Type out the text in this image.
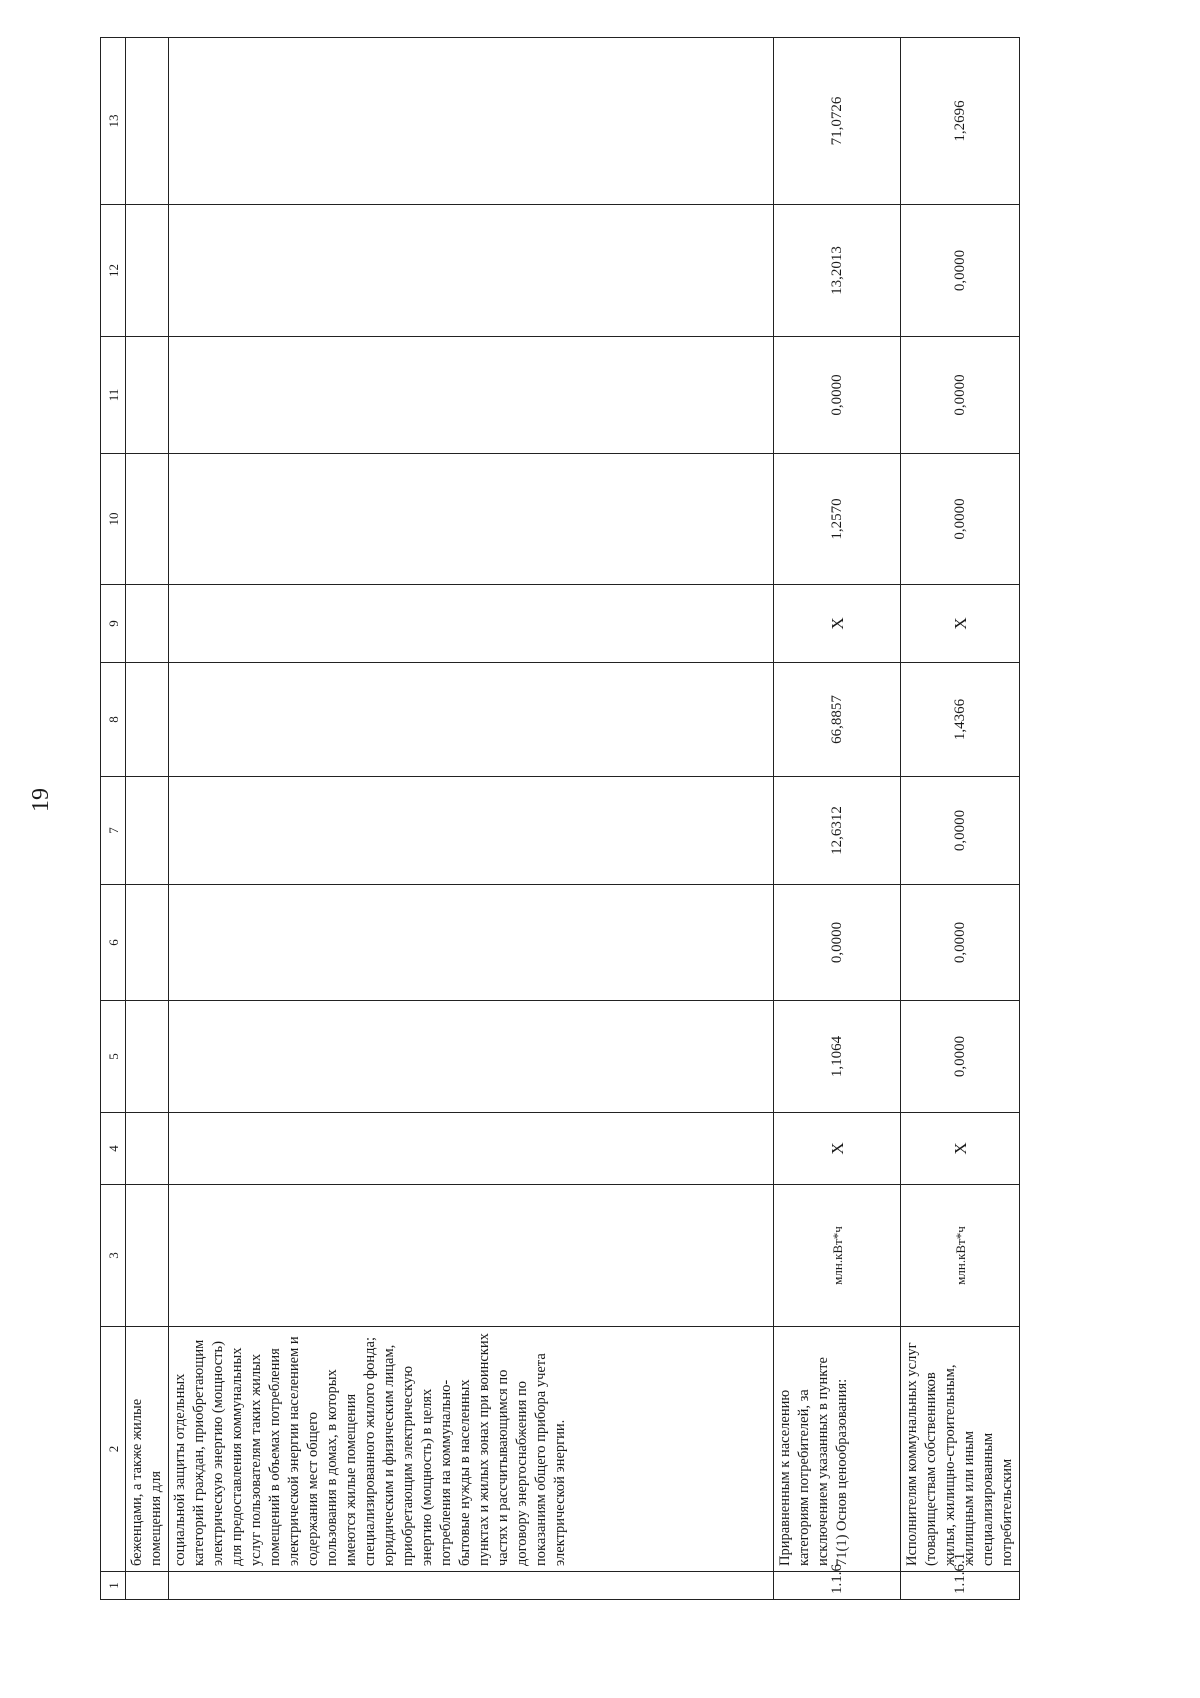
19
1	2	3	4	5	6	7	8	9	10	11	12	13
	беженцами, а также жилые помещения для											
	социальной защиты отдельных категорий граждан, приобретающим электрическую энергию (мощность) для предоставления коммунальных услуг пользователям таких жилых помещений в объемах потребления электрической энергии населением и содержания мест общего пользования в домах, в которых имеются жилые помещения специализированного жилого фонда; юридическим и физическим лицам, приобретающим электрическую энергию (мощность) в целях потребления на коммунально-бытовые нужды в населенных пунктах и жилых зонах при воинских частях и рассчитывающимся по договору энергоснабжения по показаниям общего прибора учета электрической энергии.											
1.1.6	Приравненным к населению категориям потребителей, за исключением указанных в пункте 71(1) Основ ценообразования:	млн.кВт*ч	X	1,1064	0,0000	12,6312	66,8857	X	1,2570	0,0000	13,2013	71,0726
1.1.6.1	Исполнителям коммунальных услуг (товариществам собственников жилья, жилищно-строительным, жилищным или иным специализированным потребительским	млн.кВт*ч	X	0,0000	0,0000	0,0000	1,4366	X	0,0000	0,0000	0,0000	1,2696
